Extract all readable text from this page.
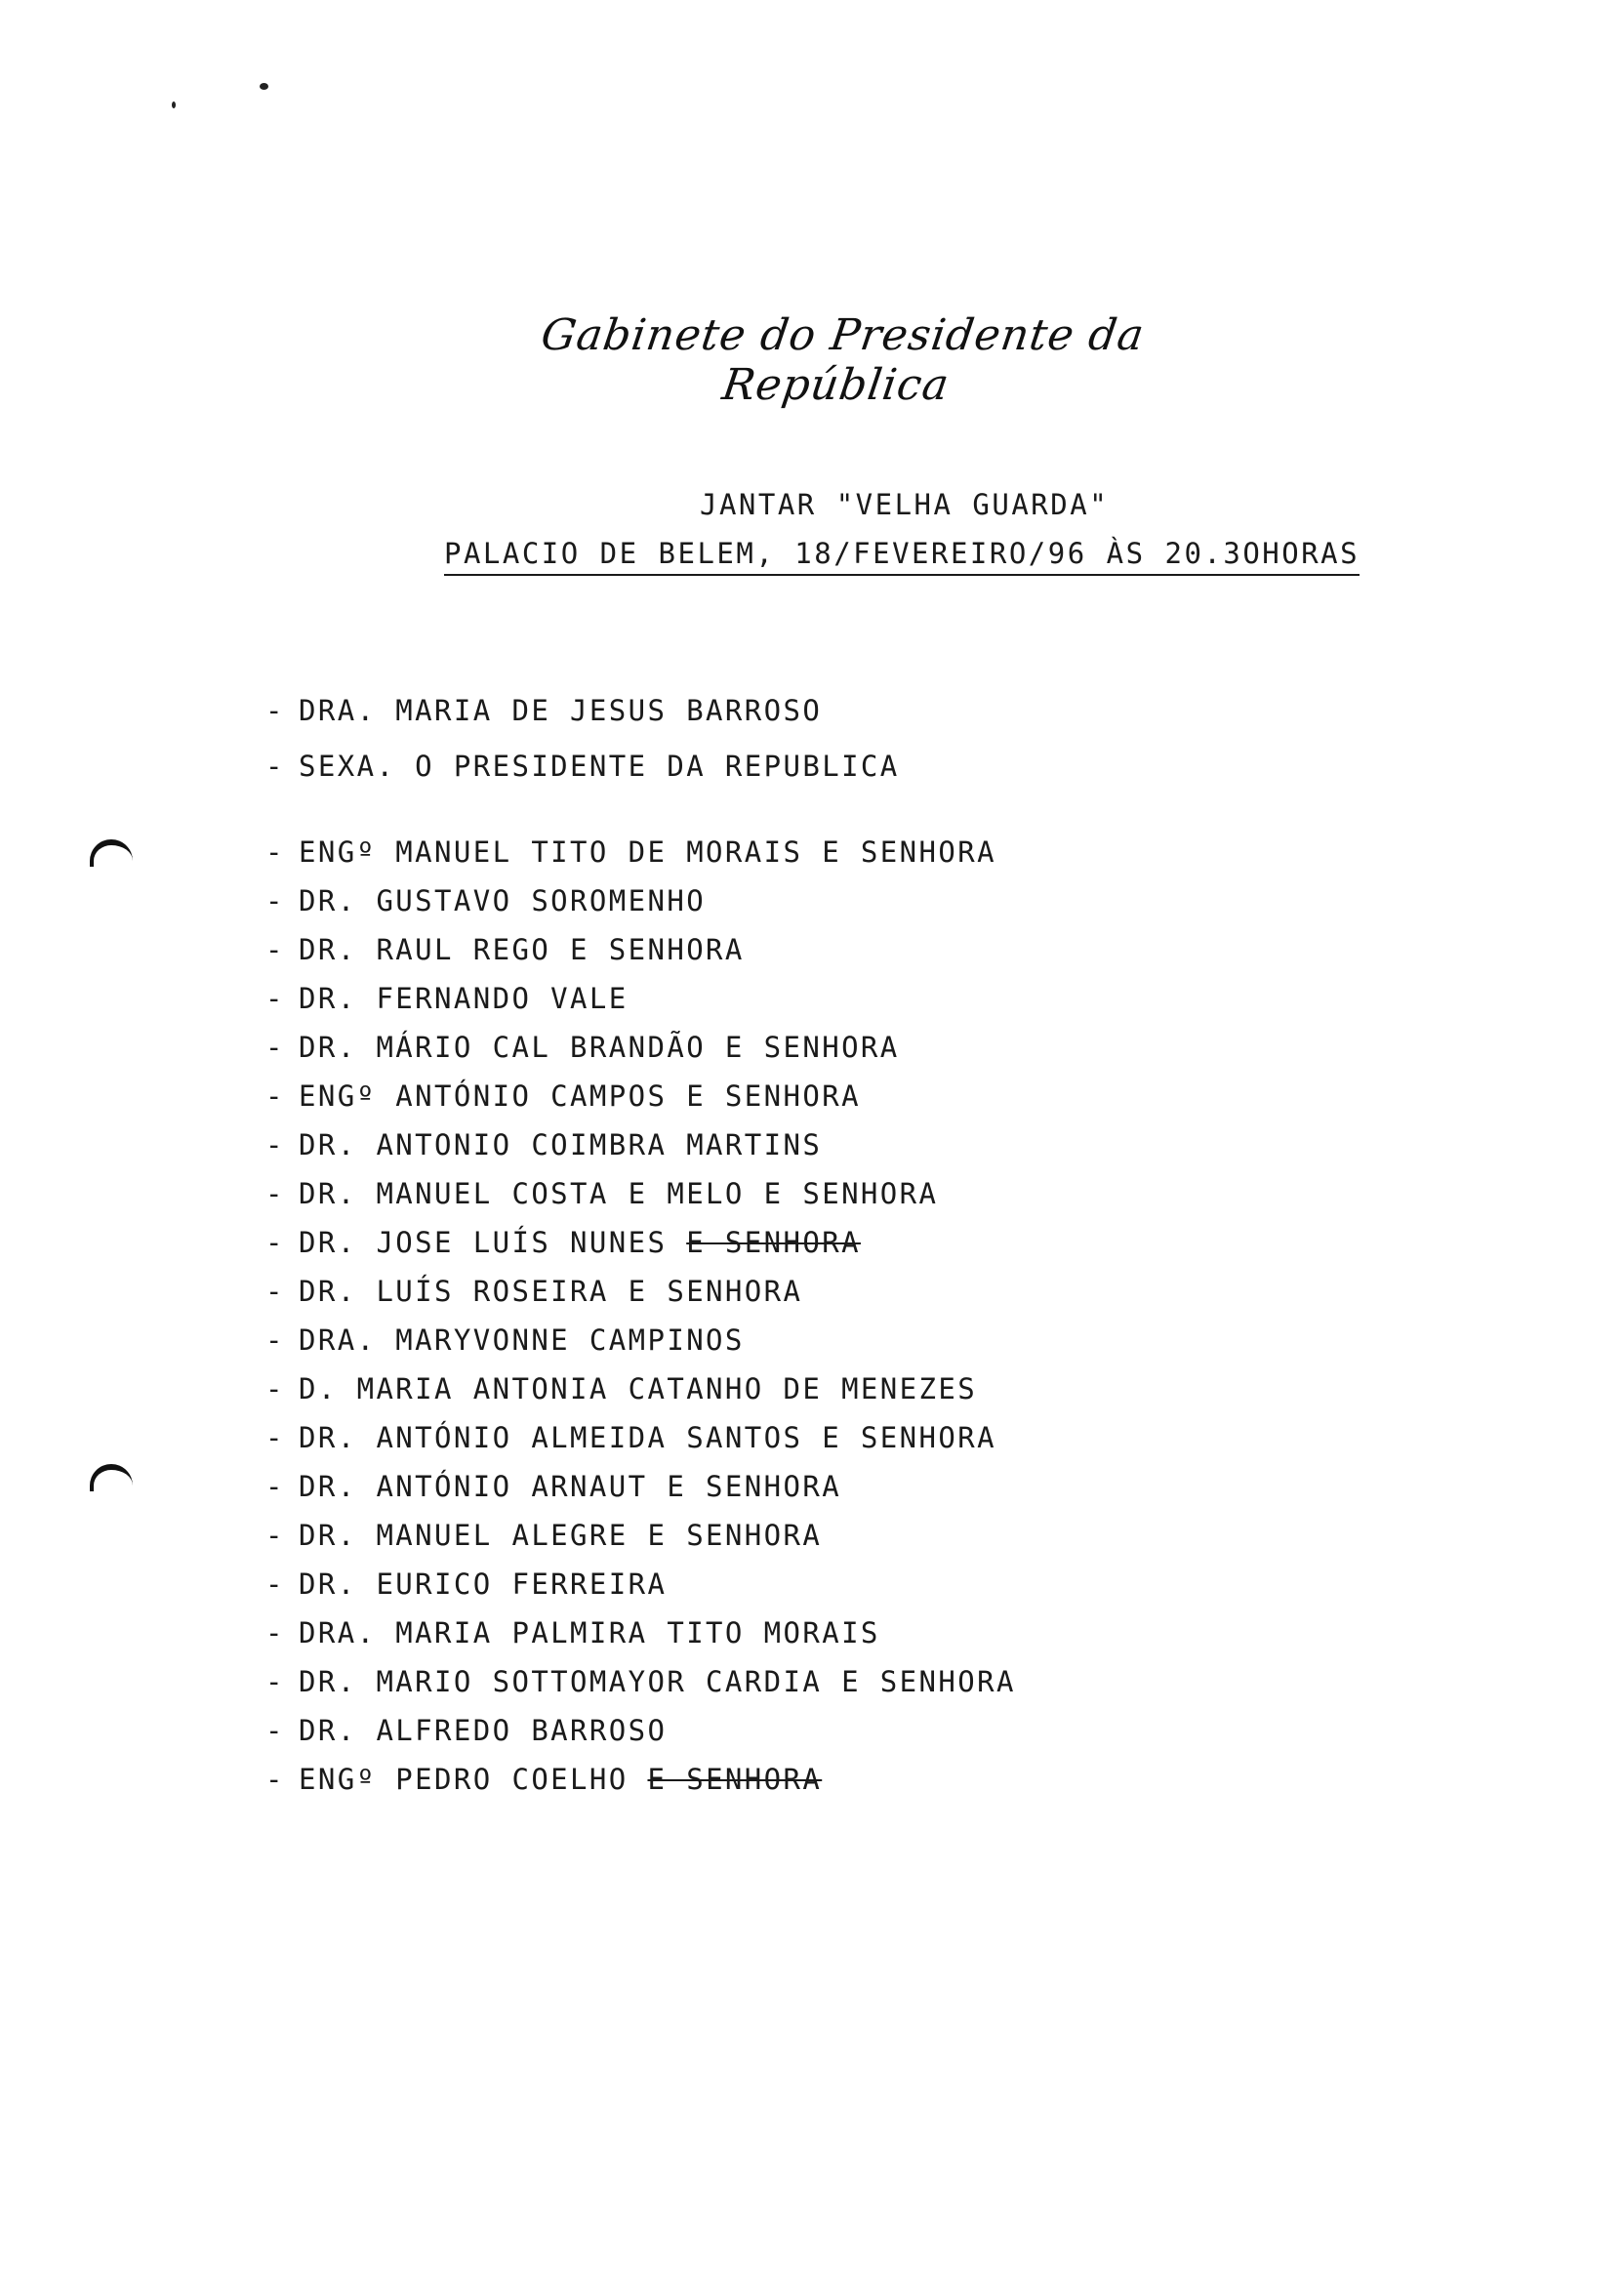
Gabinete do Presidente da República
JANTAR "VELHA GUARDA"
PALACIO DE BELEM, 18/FEVEREIRO/96 ÀS 20.3OHORAS
- DRA. MARIA DE JESUS BARROSO
- SEXA. O PRESIDENTE DA REPUBLICA
- ENGº MANUEL TITO DE MORAIS E SENHORA
- DR. GUSTAVO SOROMENHO
- DR. RAUL REGO E SENHORA
- DR. FERNANDO VALE
- DR. MÁRIO CAL BRANDÃO E SENHORA
- ENGº ANTÓNIO CAMPOS E SENHORA
- DR. ANTONIO COIMBRA MARTINS
- DR. MANUEL COSTA E MELO E SENHORA
- DR. JOSE LUÍS NUNES E SENHORA
- DR. LUÍS ROSEIRA E SENHORA
- DRA. MARYVONNE CAMPINOS
- D. MARIA ANTONIA CATANHO DE MENEZES
- DR. ANTÓNIO ALMEIDA SANTOS E SENHORA
- DR. ANTÓNIO ARNAUT E SENHORA
- DR. MANUEL ALEGRE E SENHORA
- DR. EURICO FERREIRA
- DRA. MARIA PALMIRA TITO MORAIS
- DR. MARIO SOTTOMAYOR CARDIA E SENHORA
- DR. ALFREDO BARROSO
- ENGº PEDRO COELHO E SENHORA
